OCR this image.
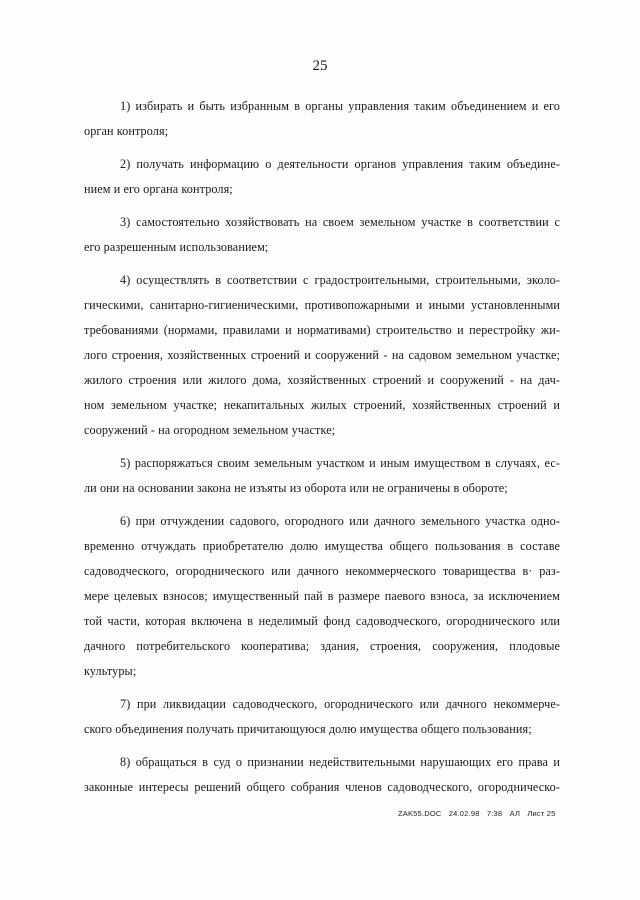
25
1) избирать и быть избранным в органы управления таким объединением и его
орган контроля;
2) получать информацию о деятельности органов управления таким объедине-
нием и его органа контроля;
3) самостоятельно хозяйствовать на своем земельном участке в соответствии с
его разрешенным использованием;
4) осуществлять в соответствии с градостроительными, строительными, эколо-
гическими, санитарно-гигиеническими, противопожарными и иными установленными
требованиями (нормами, правилами и нормативами) строительство и перестройку жи-
лого строения, хозяйственных строений и сооружений - на садовом земельном участке;
жилого строения или жилого дома, хозяйственных строений и сооружений - на дач-
ном земельном участке; некапитальных жилых строений, хозяйственных строений и
сооружений - на огородном земельном участке;
5) распоряжаться своим земельным участком и иным имуществом в случаях, ес-
ли они на основании закона не изъяты из оборота или не ограничены в обороте;
6) при отчуждении садового, огородного или дачного земельного участка одно-
временно отчуждать приобретателю долю имущества общего пользования в составе
садоводческого, огороднического или дачного некоммерческого товарищества в· раз-
мере целевых взносов; имущественный пай в размере паевого взноса, за исключением
той части, которая включена в неделимый фонд садоводческого, огороднического или
дачного потребительского кооператива; здания, строения, сооружения, плодовые
культуры;
7) при ликвидации садоводческого, огороднического или дачного некоммерче-
ского объединения получать причитающуюся долю имущества общего пользования;
8) обращаться в суд о признании недействительными нарушающих его права и
законные интересы решений общего собрания членов садоводческого, огородническо-
ZAK55.DOC 24.02.98 7:38 АЛ Лист 25
